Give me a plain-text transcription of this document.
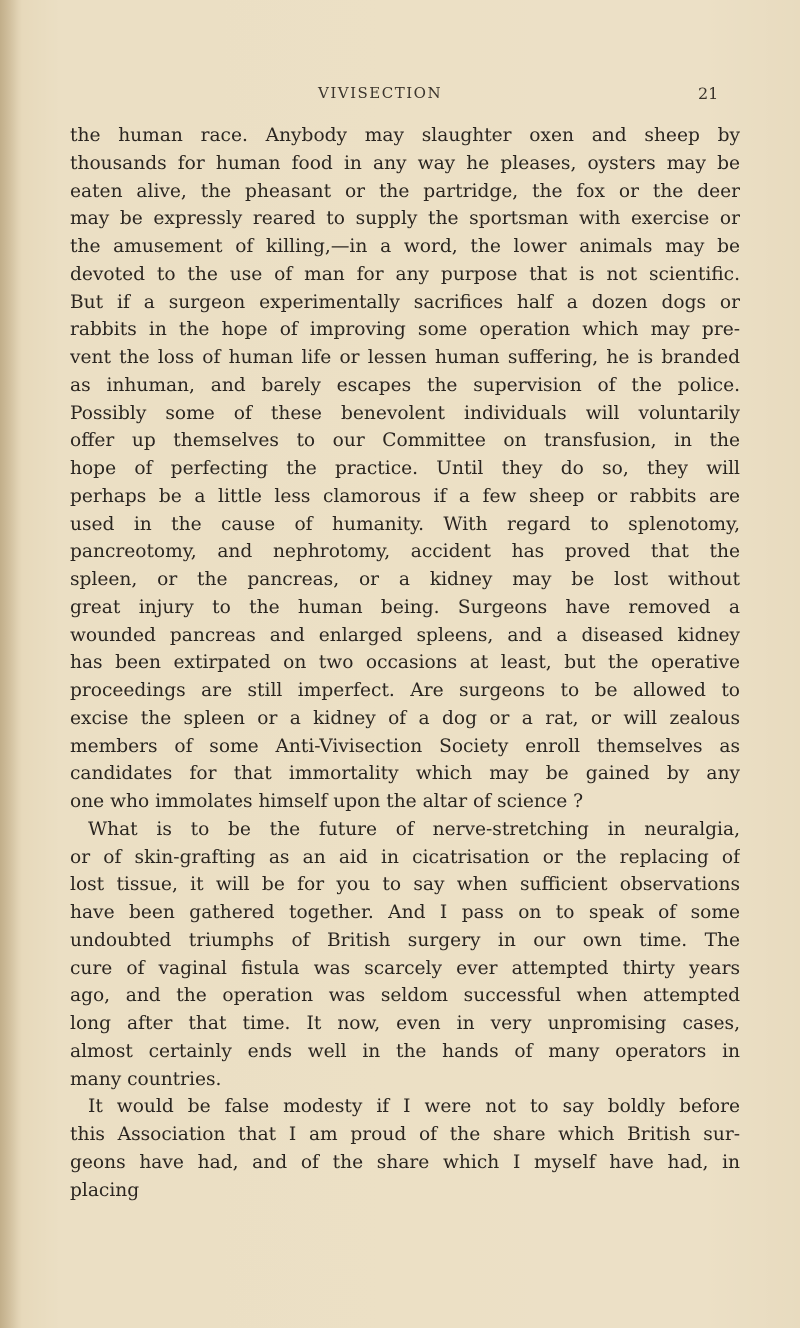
VIVISECTION	21
the human race. Anybody may slaughter oxen and sheep by
thousands for human food in any way he pleases, oysters may be
eaten alive, the pheasant or the partridge, the fox or the deer
may be expressly reared to supply the sportsman with exercise or
the amusement of killing,—in a word, the lower animals may be
devoted to the use of man for any purpose that is not scientific.
But if a surgeon experimentally sacrifices half a dozen dogs or
rabbits in the hope of improving some operation which may pre-
vent the loss of human life or lessen human suffering, he is branded
as inhuman, and barely escapes the supervision of the police.
Possibly some of these benevolent individuals will voluntarily
offer up themselves to our Committee on transfusion, in the
hope of perfecting the practice. Until they do so, they will
perhaps be a little less clamorous if a few sheep or rabbits are
used in the cause of humanity. With regard to splenotomy,
pancreotomy, and nephrotomy, accident has proved that the
spleen, or the pancreas, or a kidney may be lost without
great injury to the human being. Surgeons have removed a
wounded pancreas and enlarged spleens, and a diseased kidney
has been extirpated on two occasions at least, but the operative
proceedings are still imperfect. Are surgeons to be allowed to
excise the spleen or a kidney of a dog or a rat, or will zealous
members of some Anti-Vivisection Society enroll themselves as
candidates for that immortality which may be gained by any
one who immolates himself upon the altar of science ?
What is to be the future of nerve-stretching in neuralgia,
or of skin-grafting as an aid in cicatrisation or the replacing of
lost tissue, it will be for you to say when sufficient observations
have been gathered together. And I pass on to speak of some
undoubted triumphs of British surgery in our own time. The
cure of vaginal fistula was scarcely ever attempted thirty years
ago, and the operation was seldom successful when attempted
long after that time. It now, even in very unpromising cases,
almost certainly ends well in the hands of many operators in
many countries.
It would be false modesty if I were not to say boldly before
this Association that I am proud of the share which British sur-
geons have had, and of the share which I myself have had, in
placing
